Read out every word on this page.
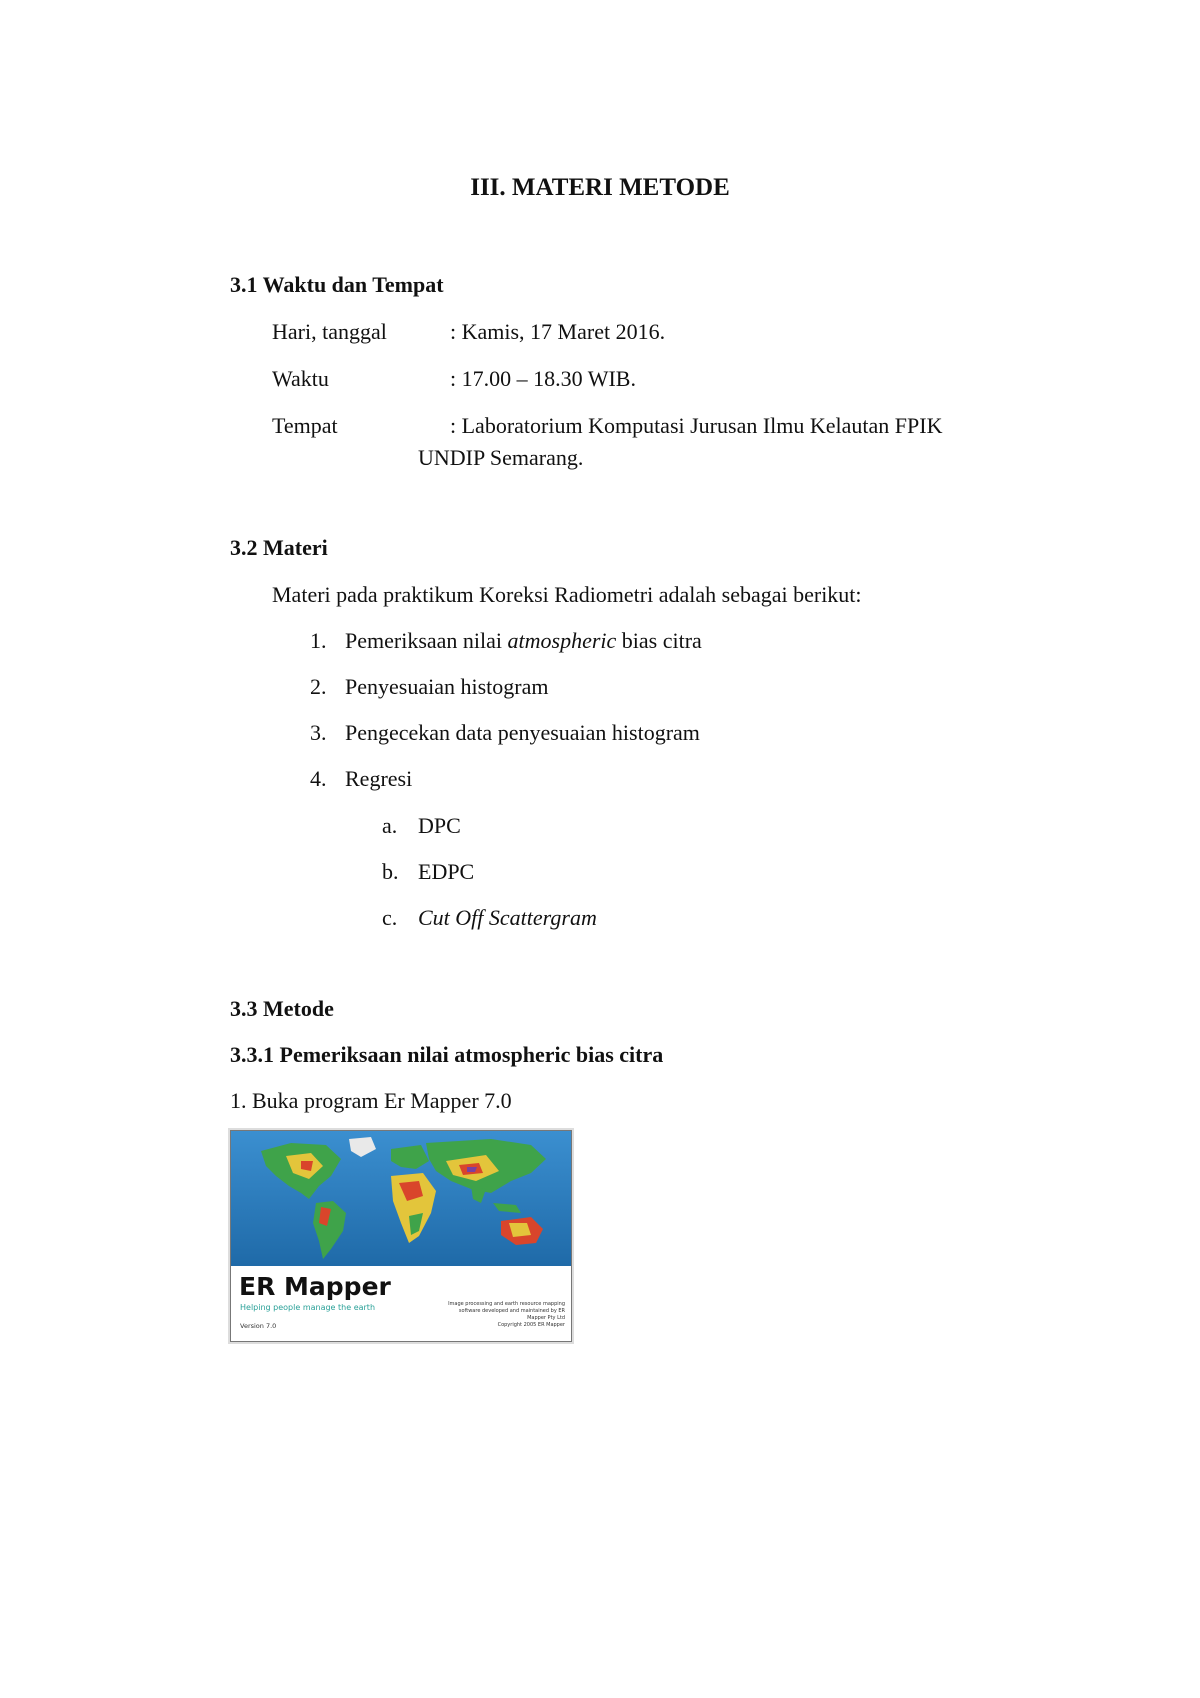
III. MATERI METODE
3.1 Waktu dan Tempat
Hari, tanggal	: Kamis, 17 Maret 2016.
Waktu	: 17.00 – 18.30 WIB.
Tempat	: Laboratorium Komputasi Jurusan Ilmu Kelautan FPIK
UNDIP Semarang.
3.2 Materi
Materi pada praktikum Koreksi Radiometri adalah sebagai berikut:
1. Pemeriksaan nilai atmospheric bias citra
2. Penyesuaian histogram
3. Pengecekan data penyesuaian histogram
4. Regresi
a. DPC
b. EDPC
c. Cut Off Scattergram
3.3 Metode
3.3.1 Pemeriksaan nilai atmospheric bias citra
1. Buka program Er Mapper 7.0
ER Mapper
Helping people manage the earth
Version 7.0
Image processing and earth resource mapping
software developed and maintained by ER
Mapper Pty Ltd
Copyright 2005 ER Mapper
